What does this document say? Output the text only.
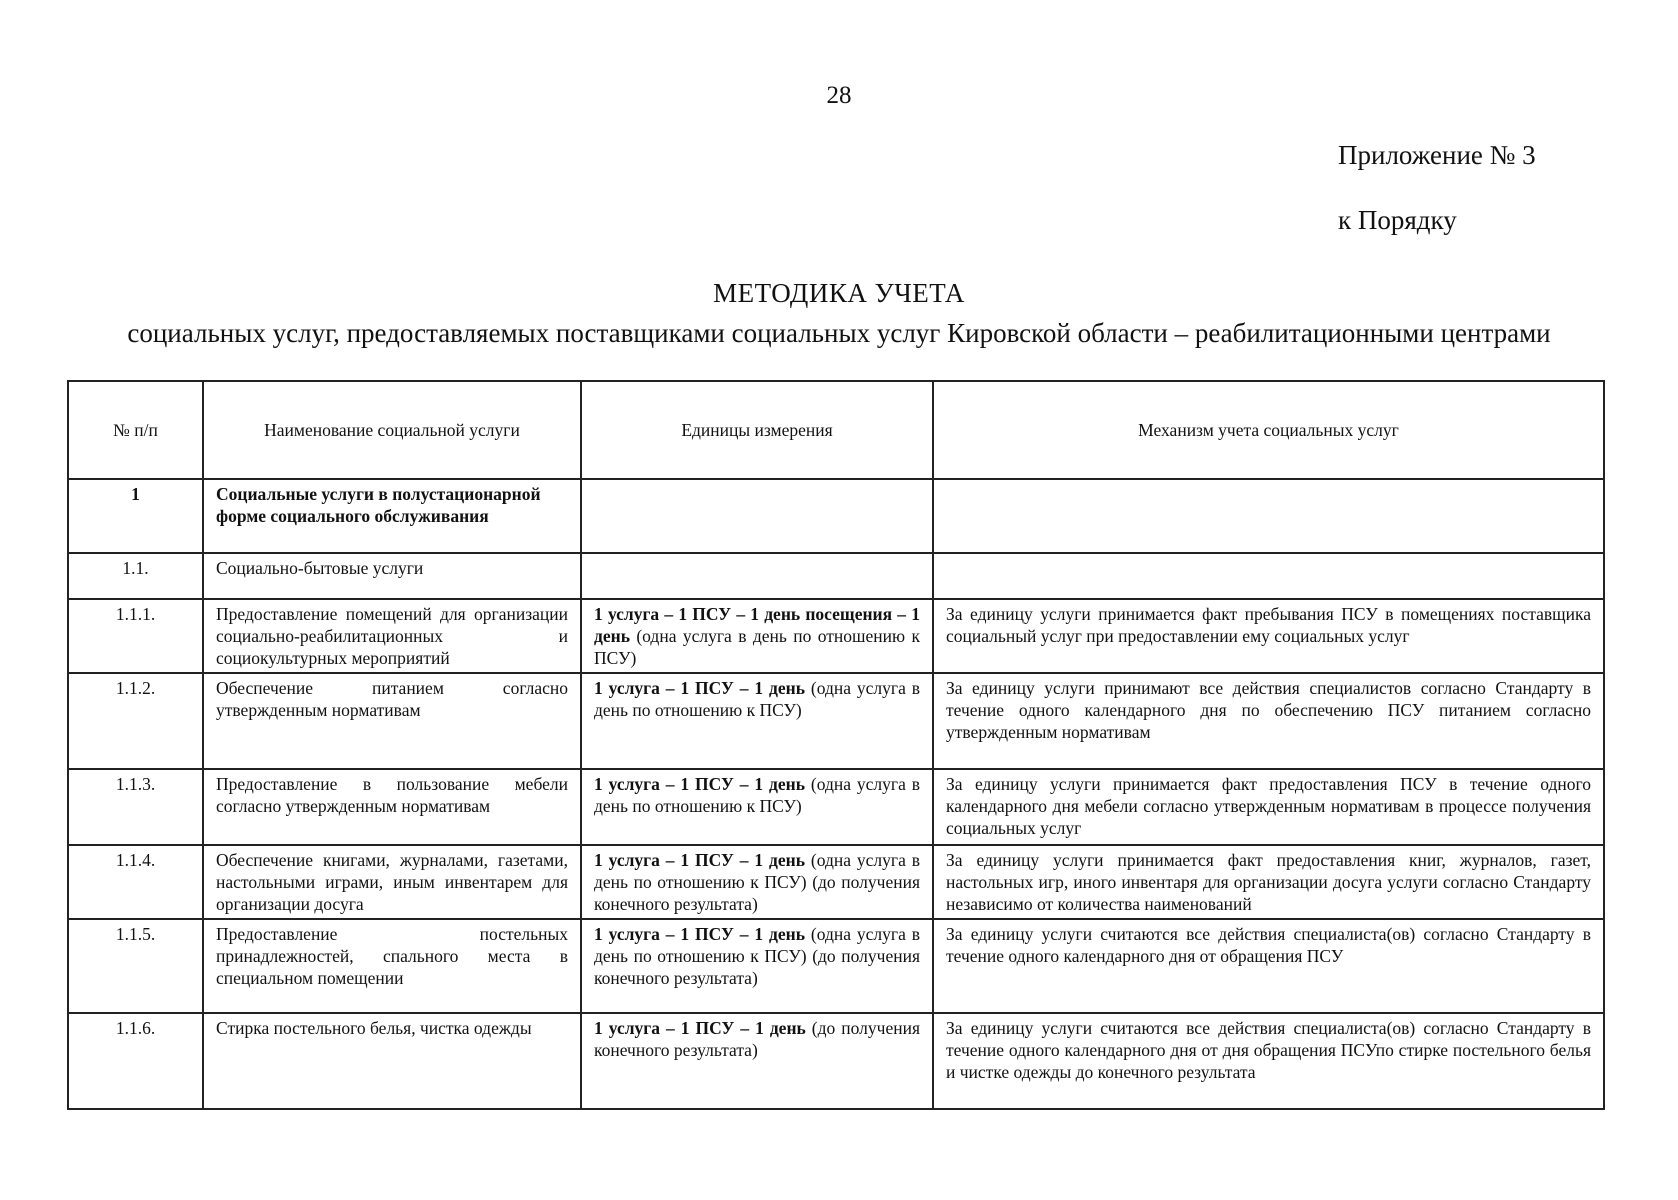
28
Приложение № 3
к Порядку
МЕТОДИКА УЧЕТА
социальных услуг, предоставляемых поставщиками социальных услуг Кировской области – реабилитационными центрами
№ п/п	Наименование социальной услуги	Единицы измерения	Механизм учета социальных услуг
1	Социальные услуги в полустационарной форме социального обслуживания		
1.1.	Социально-бытовые услуги		
1.1.1.	Предоставление помещений для организации социально-реабилитационных и социокультурных мероприятий	1 услуга – 1 ПСУ – 1 день посещения – 1 день (одна услуга в день по отношению к ПСУ)	За единицу услуги принимается факт пребывания ПСУ в помещениях поставщика социальный услуг при предоставлении ему социальных услуг
1.1.2.	Обеспечение питанием согласно утвержденным нормативам	1 услуга – 1 ПСУ – 1 день (одна услуга в день по отношению к ПСУ)	За единицу услуги принимают все действия специалистов согласно Стандарту в течение одного календарного дня по обеспечению ПСУ питанием согласно утвержденным нормативам
1.1.3.	Предоставление в пользование мебели согласно утвержденным нормативам	1 услуга – 1 ПСУ – 1 день (одна услуга в день по отношению к ПСУ)	За единицу услуги принимается факт предоставления ПСУ в течение одного календарного дня мебели согласно утвержденным нормативам в процессе получения социальных услуг
1.1.4.	Обеспечение книгами, журналами, газетами, настольными играми, иным инвентарем для организации досуга	1 услуга – 1 ПСУ – 1 день (одна услуга в день по отношению к ПСУ) (до получения конечного результата)	За единицу услуги принимается факт предоставления книг, журналов, газет, настольных игр, иного инвентаря для организации досуга услуги согласно Стандарту независимо от количества наименований
1.1.5.	Предоставление постельных принадлежностей, спального места в специальном помещении	1 услуга – 1 ПСУ – 1 день (одна услуга в день по отношению к ПСУ) (до получения конечного результата)	За единицу услуги считаются все действия специалиста(ов) согласно Стандарту в течение одного календарного дня от обращения ПСУ
1.1.6.	Стирка постельного белья, чистка одежды	1 услуга – 1 ПСУ – 1 день (до получения конечного результата)	За единицу услуги считаются все действия специалиста(ов) согласно Стандарту в течение одного календарного дня от дня обращения ПСУпо стирке постельного белья и чистке одежды до конечного результата
